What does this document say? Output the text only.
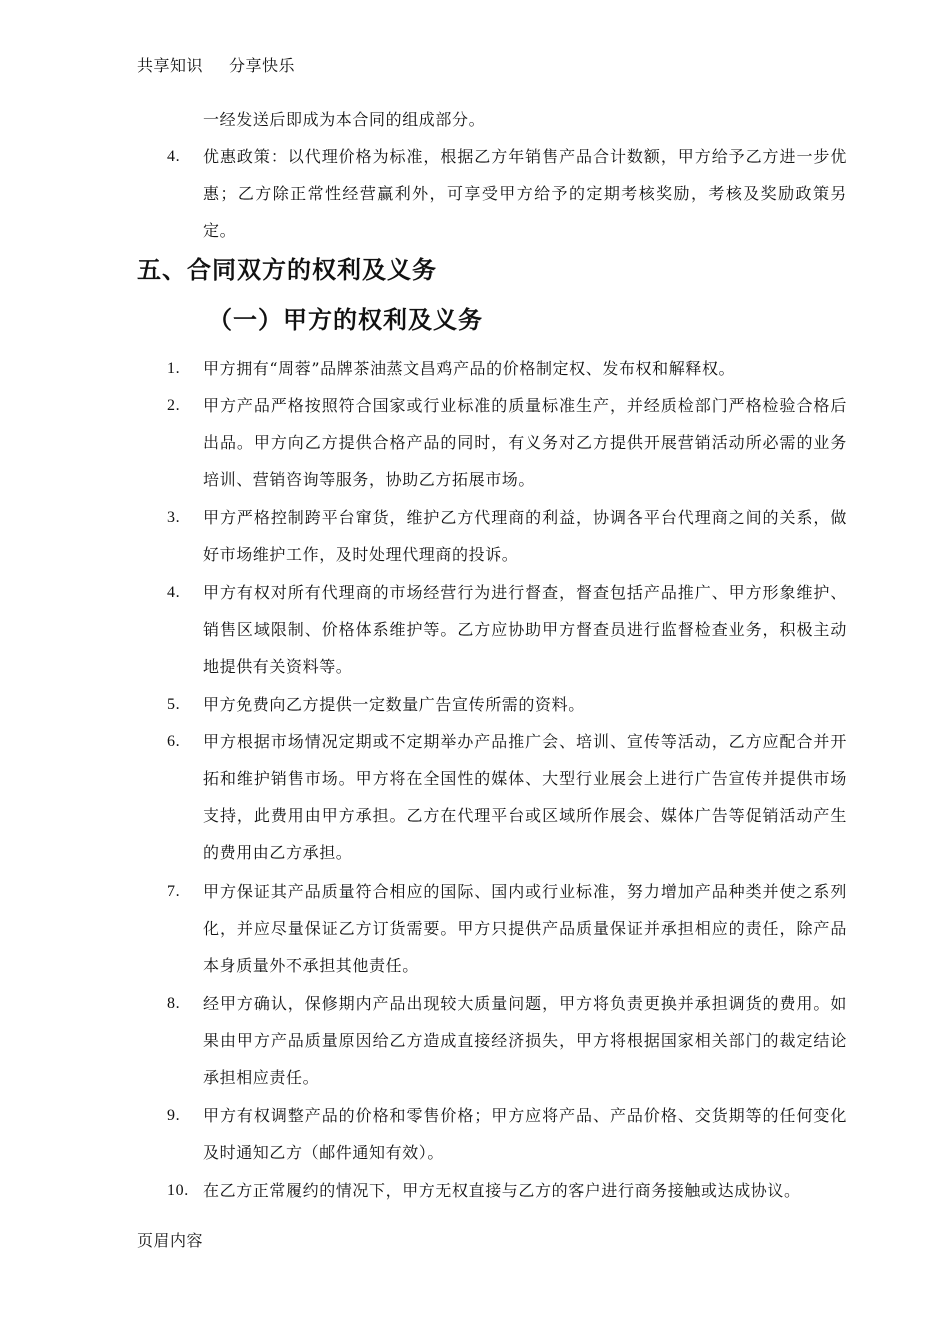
共享知识 分享快乐
一经发送后即成为本合同的组成部分。
4.	优惠政策：以代理价格为标准，根据乙方年销售产品合计数额，甲方给予乙方进一步优惠；乙方除正常性经营赢利外，可享受甲方给予的定期考核奖励，考核及奖励政策另定。
五、合同双方的权利及义务
（一）甲方的权利及义务
1.	甲方拥有“周蓉”品牌茶油蒸文昌鸡产品的价格制定权、发布权和解释权。
2.	甲方产品严格按照符合国家或行业标准的质量标准生产，并经质检部门严格检验合格后出品。甲方向乙方提供合格产品的同时，有义务对乙方提供开展营销活动所必需的业务培训、营销咨询等服务，协助乙方拓展市场。
3.	甲方严格控制跨平台窜货，维护乙方代理商的利益，协调各平台代理商之间的关系，做好市场维护工作，及时处理代理商的投诉。
4.	甲方有权对所有代理商的市场经营行为进行督查，督查包括产品推广、甲方形象维护、销售区域限制、价格体系维护等。乙方应协助甲方督查员进行监督检查业务，积极主动地提供有关资料等。
5.	甲方免费向乙方提供一定数量广告宣传所需的资料。
6.	甲方根据市场情况定期或不定期举办产品推广会、培训、宣传等活动，乙方应配合并开拓和维护销售市场。甲方将在全国性的媒体、大型行业展会上进行广告宣传并提供市场支持，此费用由甲方承担。乙方在代理平台或区域所作展会、媒体广告等促销活动产生的费用由乙方承担。
7.	甲方保证其产品质量符合相应的国际、国内或行业标准，努力增加产品种类并使之系列化，并应尽量保证乙方订货需要。甲方只提供产品质量保证并承担相应的责任，除产品本身质量外不承担其他责任。
8.	经甲方确认，保修期内产品出现较大质量问题，甲方将负责更换并承担调货的费用。如果由甲方产品质量原因给乙方造成直接经济损失，甲方将根据国家相关部门的裁定结论承担相应责任。
9.	甲方有权调整产品的价格和零售价格；甲方应将产品、产品价格、交货期等的任何变化及时通知乙方（邮件通知有效）。
10. 在乙方正常履约的情况下，甲方无权直接与乙方的客户进行商务接触或达成协议。
页眉内容
